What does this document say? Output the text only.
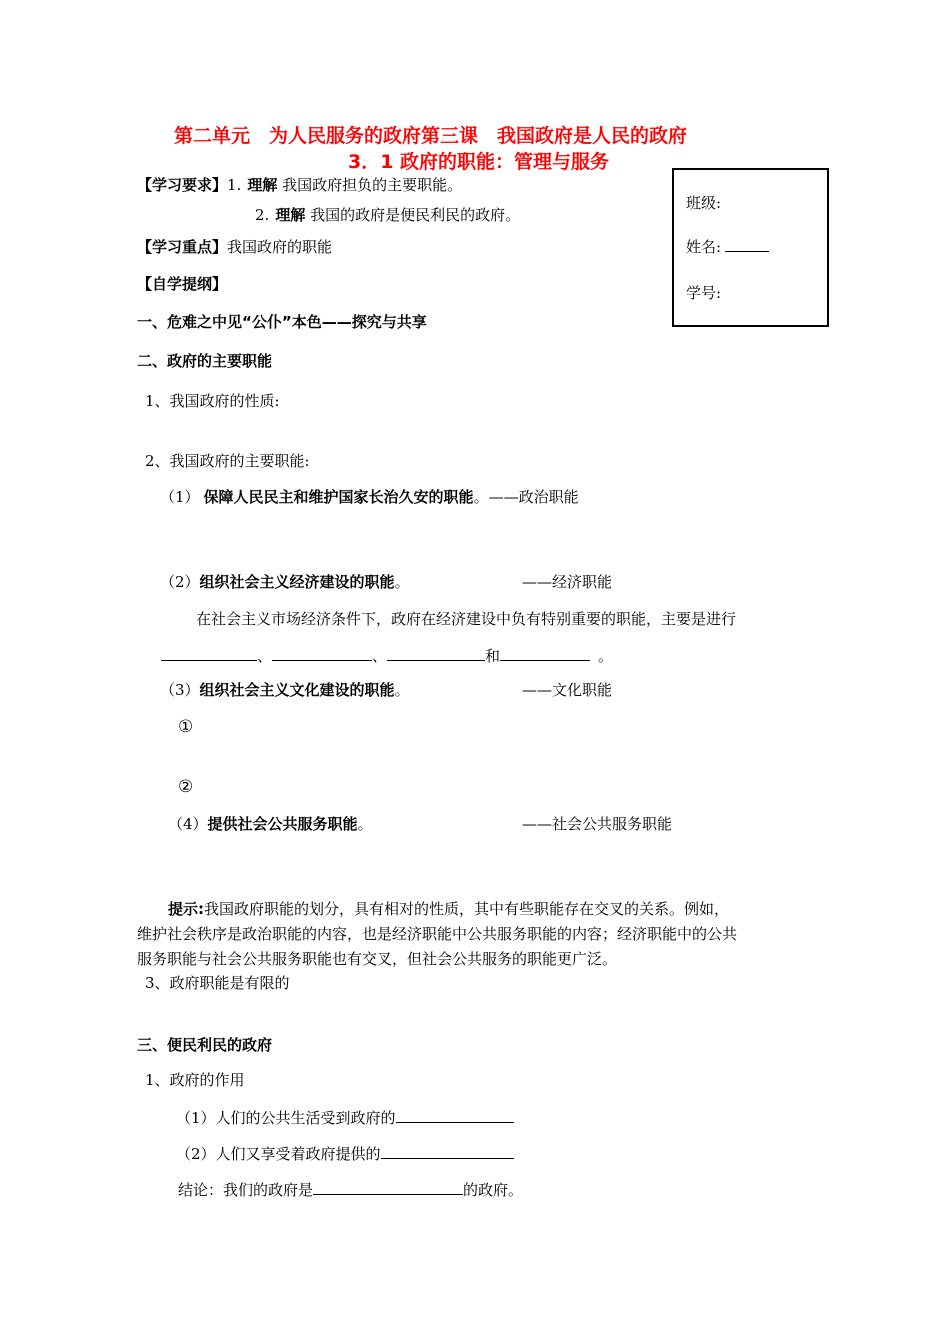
第二单元　为人民服务的政府第三课　我国政府是人民的政府
3．1 政府的职能：管理与服务
班级:
姓名:
学号:
【学习要求】1. 理解 我国政府担负的主要职能。
2. 理解 我国的政府是便民利民的政府。
【学习重点】我国政府的职能
【自学提纲】
一、危难之中见“公仆”本色——探究与共享
二、政府的主要职能
1、我国政府的性质:
2、我国政府的主要职能:
（1） 保障人民民主和维护国家长治久安的职能。——政治职能
（2）组织社会主义经济建设的职能。	——经济职能
在社会主义市场经济条件下，政府在经济建设中负有特别重要的职能，主要是进行
、	、	和	。
（3）组织社会主义文化建设的职能。	——文化职能
①
②
（4）提供社会公共服务职能。	——社会公共服务职能
提示:我国政府职能的划分，具有相对的性质，其中有些职能存在交叉的关系。例如，
维护社会秩序是政治职能的内容，也是经济职能中公共服务职能的内容；经济职能中的公共
服务职能与社会公共服务职能也有交叉，但社会公共服务的职能更广泛。
3、政府职能是有限的
三、便民利民的政府
1、政府的作用
（1）人们的公共生活受到政府的
（2）人们又享受着政府提供的
结论：我们的政府是	的政府。
